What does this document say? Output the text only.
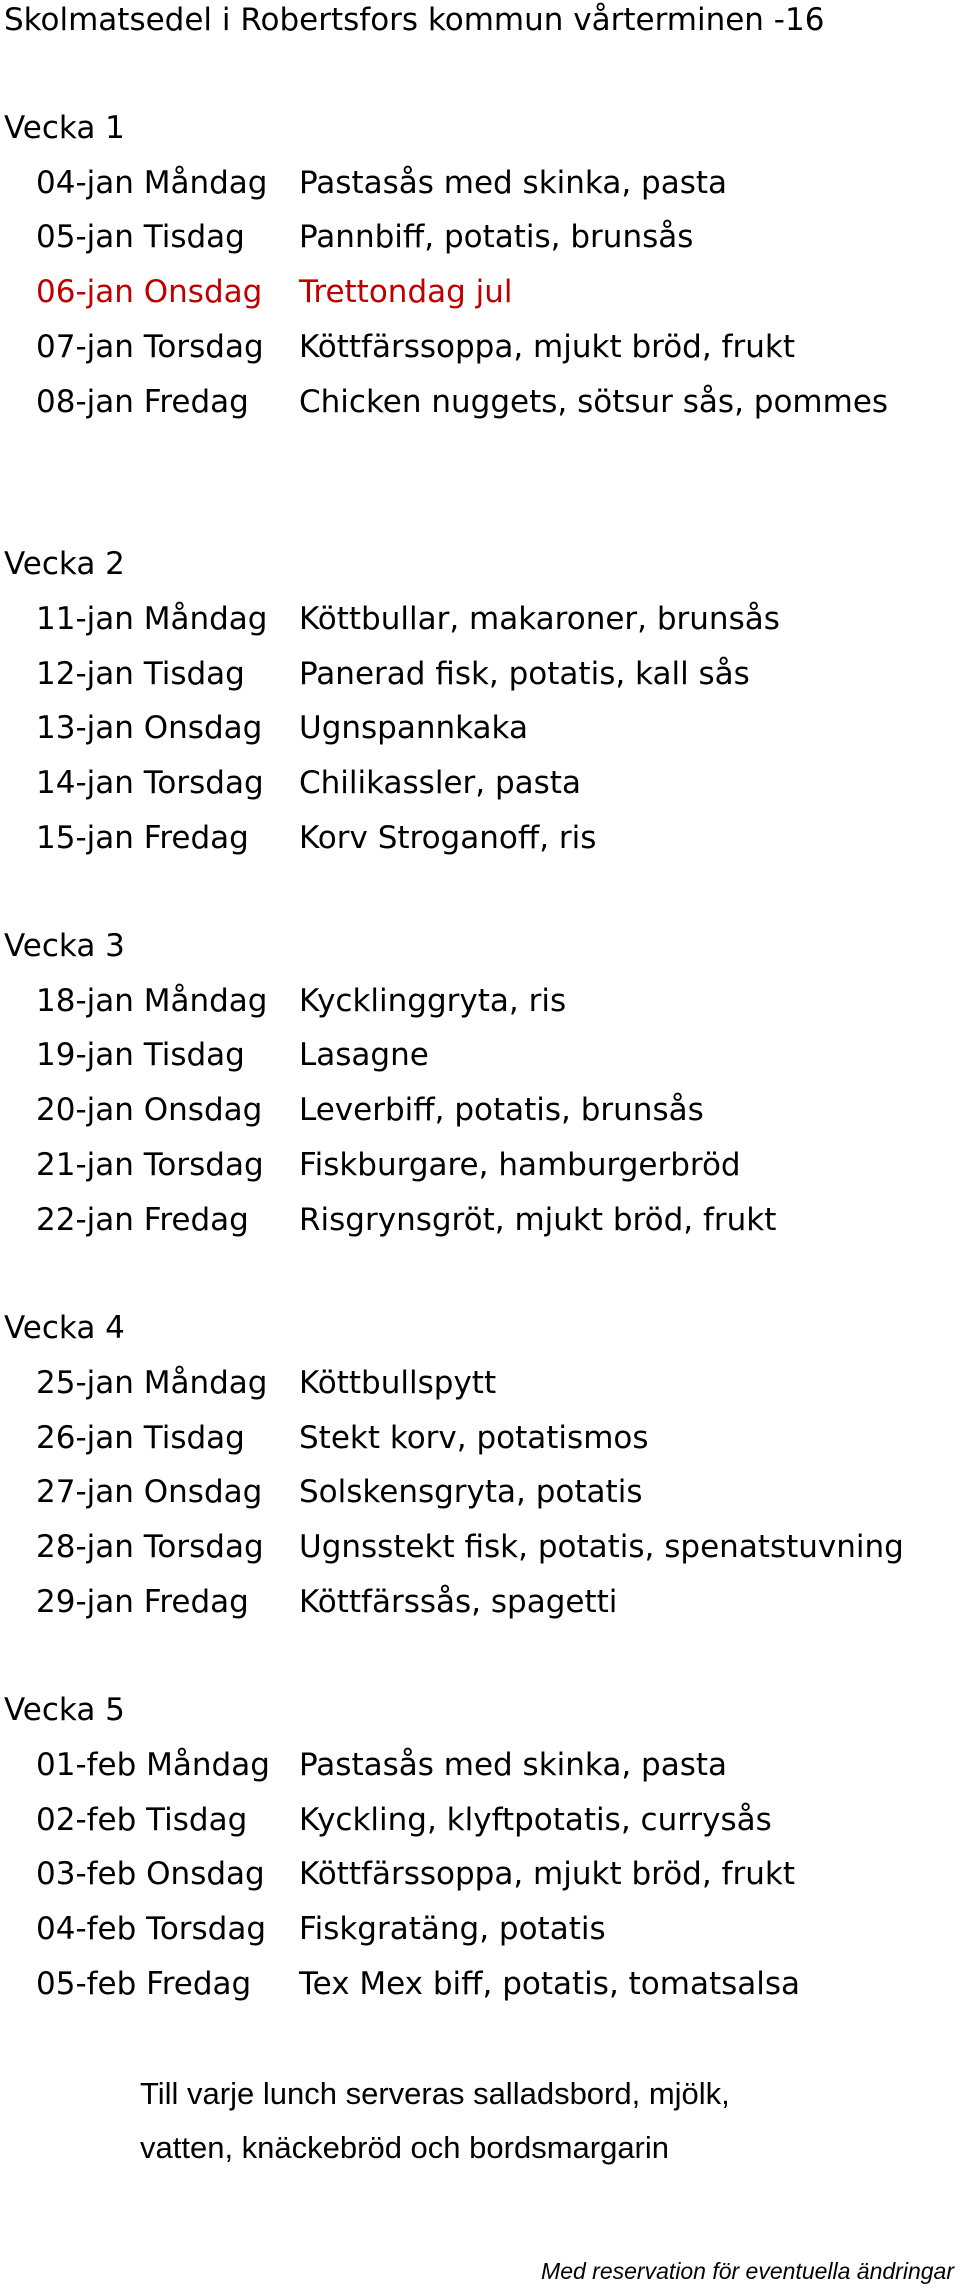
Skolmatsedel i Robertsfors kommun vårterminen -16
Vecka 1
04-jan Måndag Pastasås med skinka, pasta
05-jan Tisdag Pannbiff, potatis, brunsås
06-jan Onsdag Trettondag jul
07-jan Torsdag Köttfärssoppa, mjukt bröd, frukt
08-jan Fredag Chicken nuggets, sötsur sås, pommes
Vecka 2
11-jan Måndag Köttbullar, makaroner, brunsås
12-jan Tisdag Panerad fisk, potatis, kall sås
13-jan Onsdag Ugnspannkaka
14-jan Torsdag Chilikassler, pasta
15-jan Fredag Korv Stroganoff, ris
Vecka 3
18-jan Måndag Kycklinggryta, ris
19-jan Tisdag Lasagne
20-jan Onsdag Leverbiff, potatis, brunsås
21-jan Torsdag Fiskburgare, hamburgerbröd
22-jan Fredag Risgrynsgröt, mjukt bröd, frukt
Vecka 4
25-jan Måndag Köttbullspytt
26-jan Tisdag Stekt korv, potatismos
27-jan Onsdag Solskensgryta, potatis
28-jan Torsdag Ugnsstekt fisk, potatis, spenatstuvning
29-jan Fredag Köttfärssås, spagetti
Vecka 5
01-feb Måndag Pastasås med skinka, pasta
02-feb Tisdag Kyckling, klyftpotatis, currysås
03-feb Onsdag Köttfärssoppa, mjukt bröd, frukt
04-feb Torsdag Fiskgratäng, potatis
05-feb Fredag Tex Mex biff, potatis, tomatsalsa
Till varje lunch serveras salladsbord, mjölk,
vatten, knäckebröd och bordsmargarin
Med reservation för eventuella ändringar
